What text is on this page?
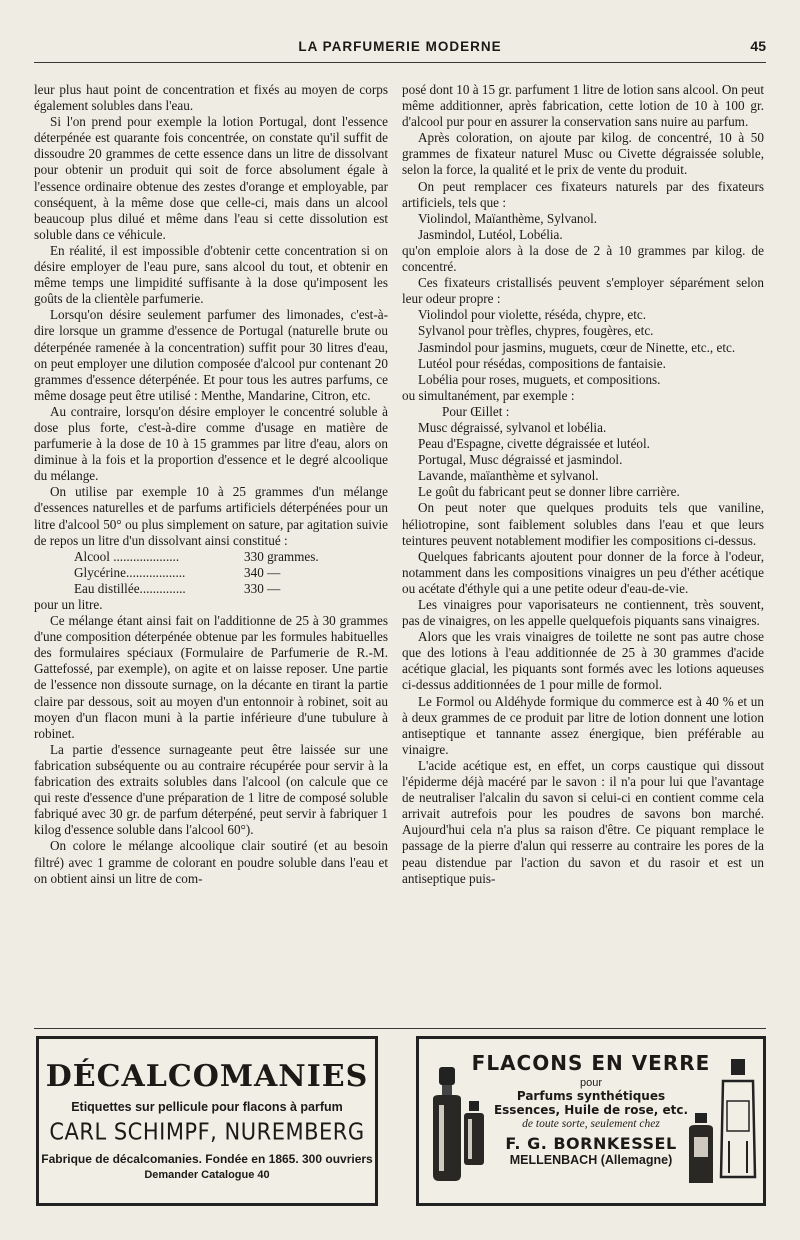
LA PARFUMERIE MODERNE	45

leur plus haut point de concentration et fixés au moyen de corps également solubles dans l'eau.

Si l'on prend pour exemple la lotion Portugal, dont l'essence déterpénée est quarante fois concentrée, on constate qu'il suffit de dissoudre 20 grammes de cette essence dans un litre de dissolvant pour obtenir un produit qui soit de force absolument égale à l'essence ordinaire obtenue des zestes d'orange et employable, par conséquent, à la même dose que celle-ci, mais dans un alcool beaucoup plus dilué et même dans l'eau si cette dissolution est soluble dans ce véhicule.

En réalité, il est impossible d'obtenir cette concentration si on désire employer de l'eau pure, sans alcool du tout, et obtenir en même temps une limpidité suffisante à la dose qu'imposent les goûts de la clientèle parfumerie.

Lorsqu'on désire seulement parfumer des limonades, c'est-à-dire lorsque un gramme d'essence de Portugal (naturelle brute ou déterpénée ramenée à la concentration) suffit pour 30 litres d'eau, on peut employer une dilution composée d'alcool pur contenant 20 grammes d'essence déterpénée. Et pour tous les autres parfums, ce même dosage peut être utilisé : Menthe, Mandarine, Citron, etc.

Au contraire, lorsqu'on désire employer le concentré soluble à dose plus forte, c'est-à-dire comme d'usage en matière de parfumerie à la dose de 10 à 15 grammes par litre d'eau, alors on diminue à la fois et la proportion d'essence et le degré alcoolique du mélange.

On utilise par exemple 10 à 25 grammes d'un mélange d'essences naturelles et de parfums artificiels déterpénées pour un litre d'alcool 50° ou plus simplement on sature, par agitation suivie de repos un litre d'un dissolvant ainsi constitué :

Alcool ....................	330 grammes.
Glycérine..................	340 —
Eau distillée..............	330 —

pour un litre.

Ce mélange étant ainsi fait on l'additionne de 25 à 30 grammes d'une composition déterpénée obtenue par les formules habituelles des formulaires spéciaux (Formulaire de Parfumerie de R.-M. Gattefossé, par exemple), on agite et on laisse reposer. Une partie de l'essence non dissoute surnage, on la décante en tirant la partie claire par dessous, soit au moyen d'un entonnoir à robinet, soit au moyen d'un flacon muni à la partie inférieure d'une tubulure à robinet.

La partie d'essence surnageante peut être laissée sur une fabrication subséquente ou au contraire récupérée pour servir à la fabrication des extraits solubles dans l'alcool (on calcule que ce qui reste d'essence d'une préparation de 1 litre de composé soluble fabriqué avec 30 gr. de parfum déterpéné, peut servir à fabriquer 1 kilog d'essence soluble dans l'alcool 60°).

On colore le mélange alcoolique clair soutiré (et au besoin filtré) avec 1 gramme de colorant en poudre soluble dans l'eau et on obtient ainsi un litre de com-

posé dont 10 à 15 gr. parfument 1 litre de lotion sans alcool. On peut même additionner, après fabrication, cette lotion de 10 à 100 gr. d'alcool pur pour en assurer la conservation sans nuire au parfum.

Après coloration, on ajoute par kilog. de concentré, 10 à 50 grammes de fixateur naturel Musc ou Civette dégraissée soluble, selon la force, la qualité et le prix de vente du produit.

On peut remplacer ces fixateurs naturels par des fixateurs artificiels, tels que :

Violindol, Maïanthème, Sylvanol.

Jasmindol, Lutéol, Lobélia.

qu'on emploie alors à la dose de 2 à 10 grammes par kilog. de concentré.

Ces fixateurs cristallisés peuvent s'employer séparément selon leur odeur propre :

Violindol pour violette, réséda, chypre, etc.

Sylvanol pour trèfles, chypres, fougères, etc.

Jasmindol pour jasmins, muguets, cœur de Ninette, etc., etc.

Lutéol pour résédas, compositions de fantaisie.

Lobélia pour roses, muguets, et compositions.

ou simultanément, par exemple :

Pour Œillet :

Musc dégraissé, sylvanol et lobélia.

Peau d'Espagne, civette dégraissée et lutéol.

Portugal, Musc dégraissé et jasmindol.

Lavande, maïanthème et sylvanol.

Le goût du fabricant peut se donner libre carrière.

On peut noter que quelques produits tels que vaniline, héliotropine, sont faiblement solubles dans l'eau et que leurs teintures peuvent notablement modifier les compositions ci-dessus.

Quelques fabricants ajoutent pour donner de la force à l'odeur, notamment dans les compositions vinaigres un peu d'éther acétique ou acétate d'éthyle qui a une petite odeur d'eau-de-vie.

Les vinaigres pour vaporisateurs ne contiennent, très souvent, pas de vinaigres, on les appelle quelquefois piquants sans vinaigres.

Alors que les vrais vinaigres de toilette ne sont pas autre chose que des lotions à l'eau additionnée de 25 à 30 grammes d'acide acétique glacial, les piquants sont formés avec les lotions aqueuses ci-dessus additionnées de 1 pour mille de formol.

Le Formol ou Aldéhyde formique du commerce est à 40 % et un à deux grammes de ce produit par litre de lotion donnent une lotion antiseptique et tannante assez énergique, bien préférable au vinaigre.

L'acide acétique est, en effet, un corps caustique qui dissout l'épiderme déjà macéré par le savon : il n'a pour lui que l'avantage de neutraliser l'alcalin du savon si celui-ci en contient comme cela arrivait autrefois pour les poudres de savons bon marché. Aujourd'hui cela n'a plus sa raison d'être. Ce piquant remplace le passage de la pierre d'alun qui resserre au contraire les pores de la peau distendue par l'action du savon et du rasoir et est un antiseptique puis-

DÉCALCOMANIES
Etiquettes sur pellicule pour flacons à parfum
CARL SCHIMPF, NUREMBERG
Fabrique de décalcomanies. Fondée en 1865. 300 ouvriers
Demander Catalogue 40
FLACONS EN VERRE
pour
Parfums synthétiques
Essences, Huile de rose, etc.
de toute sorte, seulement chez
F. G. BORNKESSEL
MELLENBACH (Allemagne)
